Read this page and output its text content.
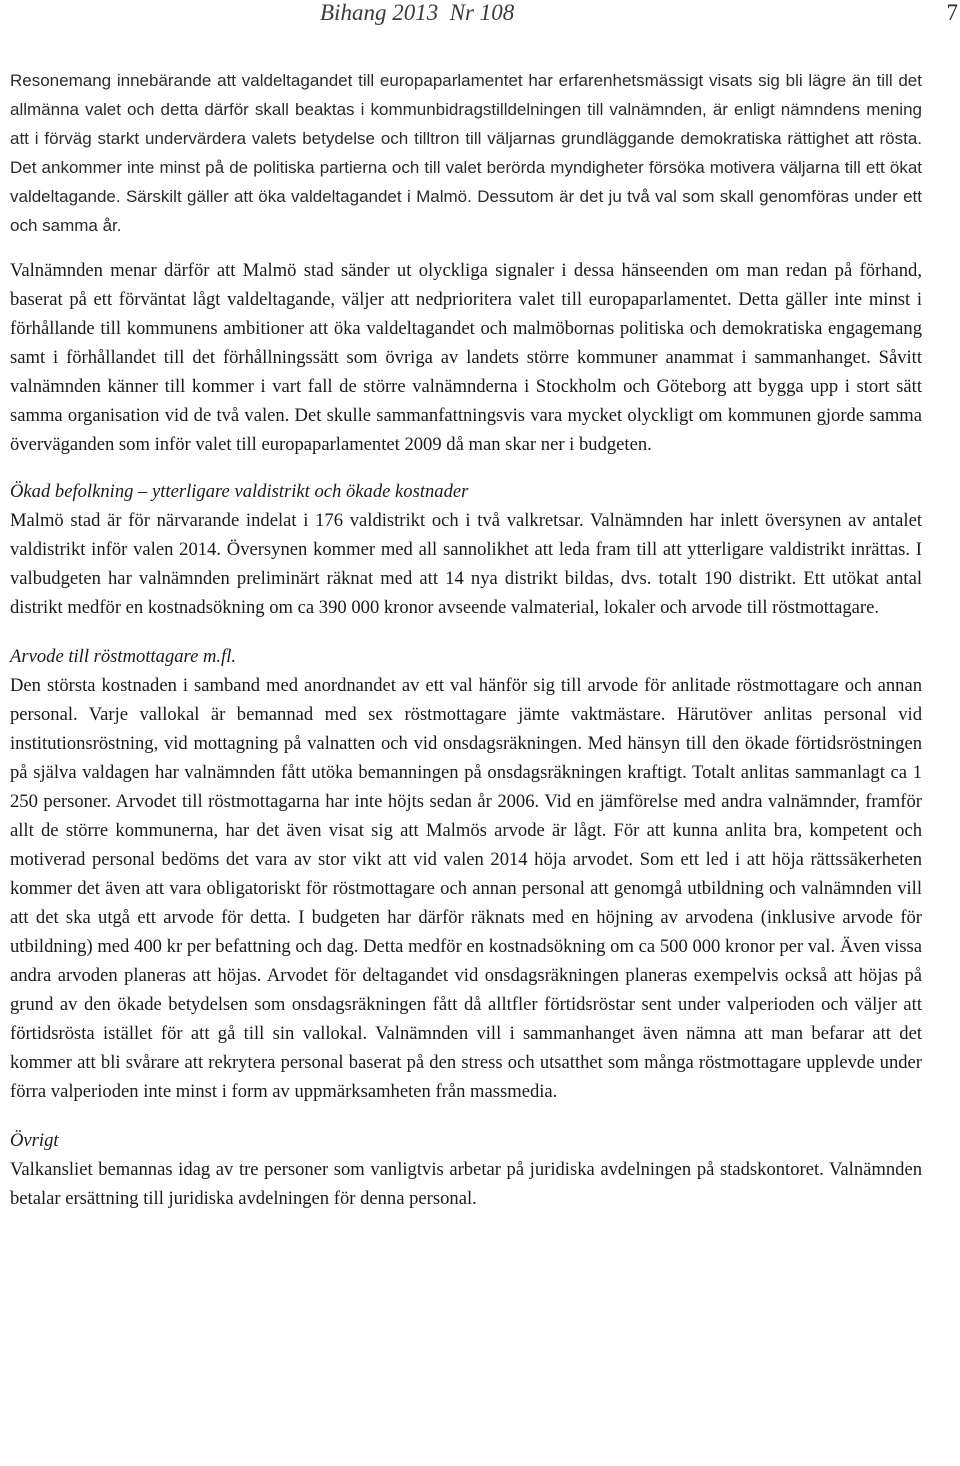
Bihang 2013  Nr 108	7

Resonemang innebärande att valdeltagandet till europaparlamentet har erfarenhetsmässigt visats sig bli lägre än till det allmänna valet och detta därför skall beaktas i kommunbidragstilldelningen till valnämnden, är enligt nämndens mening att i förväg starkt undervärdera valets betydelse och tilltron till väljarnas grundläggande demokratiska rättighet att rösta. Det ankommer inte minst på de politiska partierna och till valet berörda myndigheter försöka motivera väljarna till ett ökat valdeltagande. Särskilt gäller att öka valdeltagandet i Malmö. Dessutom är det ju två val som skall genomföras under ett och samma år.

Valnämnden menar därför att Malmö stad sänder ut olyckliga signaler i dessa hänseenden om man redan på förhand, baserat på ett förväntat lågt valdeltagande, väljer att nedprioritera valet till europaparlamentet. Detta gäller inte minst i förhållande till kommunens ambitioner att öka valdeltagandet och malmöbornas politiska och demokratiska engagemang samt i förhållandet till det förhållningssätt som övriga av landets större kommuner anammat i sammanhanget. Såvitt valnämnden känner till kommer i vart fall de större valnämnderna i Stockholm och Göteborg att bygga upp i stort sätt samma organisation vid de två valen. Det skulle sammanfattningsvis vara mycket olyckligt om kommunen gjorde samma överväganden som inför valet till europaparlamentet 2009 då man skar ner i budgeten.

Ökad befolkning – ytterligare valdistrikt och ökade kostnader

Malmö stad är för närvarande indelat i 176 valdistrikt och i två valkretsar. Valnämnden har inlett översynen av antalet valdistrikt inför valen 2014. Översynen kommer med all sannolikhet att leda fram till att ytterligare valdistrikt inrättas. I valbudgeten har valnämnden preliminärt räknat med att 14 nya distrikt bildas, dvs. totalt 190 distrikt. Ett utökat antal distrikt medför en kostnadsökning om ca 390 000 kronor avseende valmaterial, lokaler och arvode till röstmottagare.

Arvode till röstmottagare m.fl.

Den största kostnaden i samband med anordnandet av ett val hänför sig till arvode för anlitade röstmottagare och annan personal. Varje vallokal är bemannad med sex röstmottagare jämte vaktmästare. Härutöver anlitas personal vid institutionsröstning, vid mottagning på valnatten och vid onsdagsräkningen. Med hänsyn till den ökade förtidsröstningen på själva valdagen har valnämnden fått utöka bemanningen på onsdagsräkningen kraftigt. Totalt anlitas sammanlagt ca 1 250 personer. Arvodet till röstmottagarna har inte höjts sedan år 2006. Vid en jämförelse med andra valnämnder, framför allt de större kommunerna, har det även visat sig att Malmös arvode är lågt. För att kunna anlita bra, kompetent och motiverad personal bedöms det vara av stor vikt att vid valen 2014 höja arvodet. Som ett led i att höja rättssäkerheten kommer det även att vara obligatoriskt för röstmottagare och annan personal att genomgå utbildning och valnämnden vill att det ska utgå ett arvode för detta. I budgeten har därför räknats med en höjning av arvodena (inklusive arvode för utbildning) med 400 kr per befattning och dag. Detta medför en kostnadsökning om ca 500 000 kronor per val. Även vissa andra arvoden planeras att höjas. Arvodet för deltagandet vid onsdagsräkningen planeras exempelvis också att höjas på grund av den ökade betydelsen som onsdagsräkningen fått då alltfler förtidsröstar sent under valperioden och väljer att förtidsrösta istället för att gå till sin vallokal. Valnämnden vill i sammanhanget även nämna att man befarar att det kommer att bli svårare att rekrytera personal baserat på den stress och utsatthet som många röstmottagare upplevde under förra valperioden inte minst i form av uppmärksamheten från massmedia.

Övrigt

Valkansliet bemannas idag av tre personer som vanligtvis arbetar på juridiska avdelningen på stadskontoret. Valnämnden betalar ersättning till juridiska avdelningen för denna personal.
